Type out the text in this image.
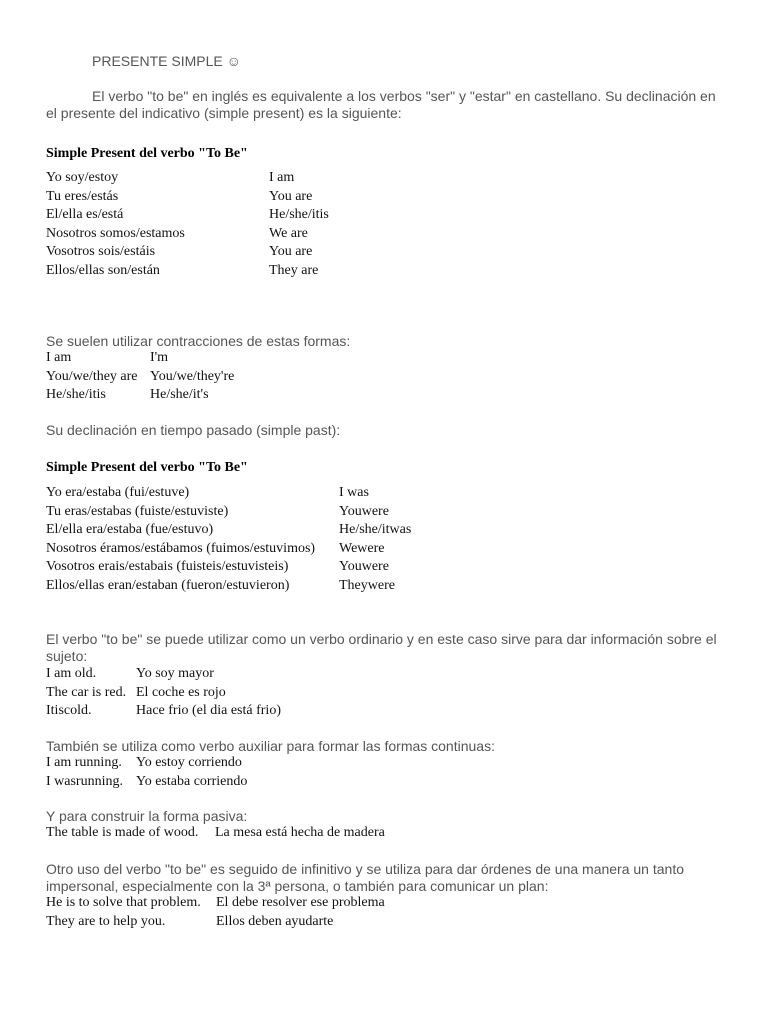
PRESENTE SIMPLE ☺
El verbo "to be" en inglés es equivalente a los verbos "ser" y "estar" en castellano. Su declinación en el presente del indicativo (simple present) es la siguiente:
Simple Present del verbo "To Be"
Yo soy/estoy	I am
Tu eres/estás	You are
El/ella es/está	He/she/itis
Nosotros somos/estamos	We are
Vosotros sois/estáis	You are
Ellos/ellas son/están	They are
Se suelen utilizar contracciones de estas formas:
I am	I'm
You/we/they are You/we/they're
He/she/itis	He/she/it's
Su declinación en tiempo pasado (simple past):
Simple Present del verbo "To Be"
Yo era/estaba (fui/estuve)	I was
Tu eras/estabas (fuiste/estuviste)	Youwere
El/ella era/estaba (fue/estuvo)	He/she/itwas
Nosotros éramos/estábamos (fuimos/estuvimos) Wewere
Vosotros erais/estabais (fuisteis/estuvisteis)	Youwere
Ellos/ellas eran/estaban (fueron/estuvieron)	Theywere
El verbo "to be" se puede utilizar como un verbo ordinario y en este caso sirve para dar información sobre el sujeto:
I am old.	Yo soy mayor
The car is red. El coche es rojo
Itiscold.	Hace frio (el dia está frio)
También se utiliza como verbo auxiliar para formar las formas continuas:
I am running. Yo estoy corriendo
I wasrunning. Yo estaba corriendo
Y para construir la forma pasiva:
The table is made of wood. La mesa está hecha de madera
Otro uso del verbo "to be" es seguido de infinitivo y se utiliza para dar órdenes de una manera un tanto impersonal, especialmente con la 3ª persona, o también para comunicar un plan:
He is to solve that problem. El debe resolver ese problema
They are to help you.	Ellos deben ayudarte
